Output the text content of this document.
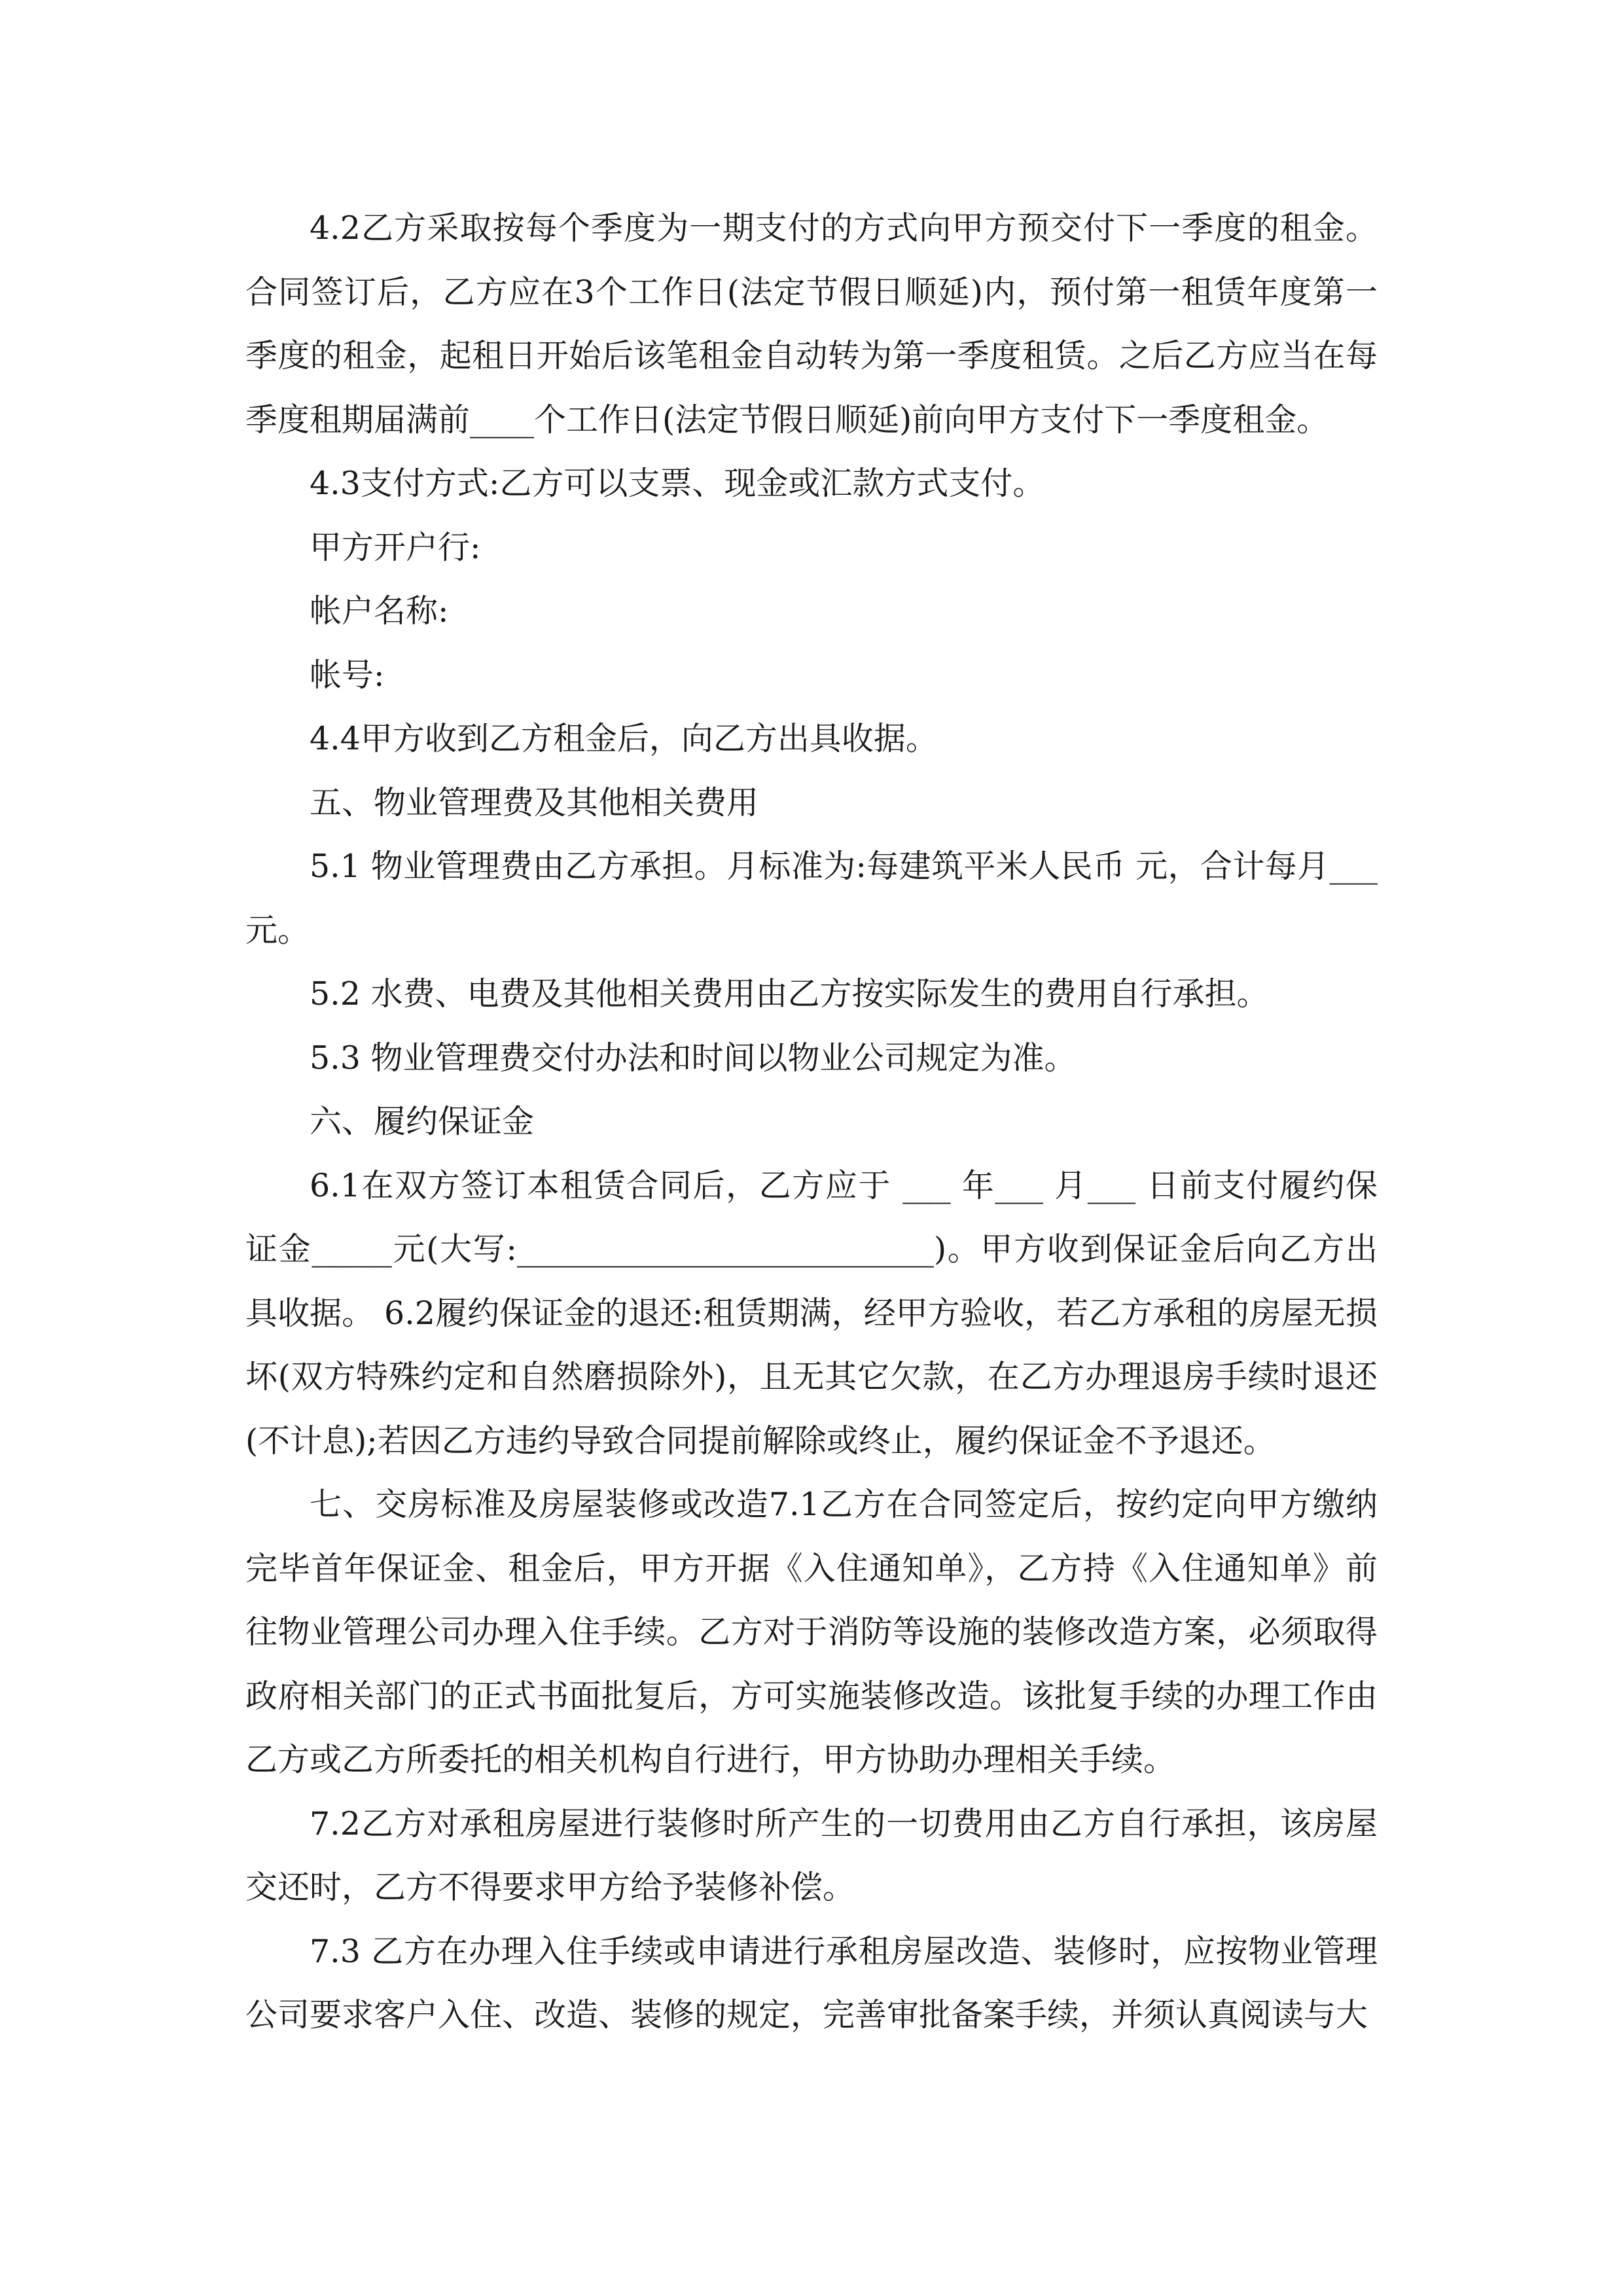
4.2乙方采取按每个季度为一期支付的方式向甲方预交付下一季度的租金。合同签订后，乙方应在3个工作日(法定节假日顺延)内，预付第一租赁年度第一季度的租金，起租日开始后该笔租金自动转为第一季度租赁。之后乙方应当在每季度租期届满前____个工作日(法定节假日顺延)前向甲方支付下一季度租金。

4.3支付方式:乙方可以支票、现金或汇款方式支付。

甲方开户行:

帐户名称:

帐号:

4.4甲方收到乙方租金后，向乙方出具收据。

五、物业管理费及其他相关费用

5.1 物业管理费由乙方承担。月标准为:每建筑平米人民币 元，合计每月___元。

5.2 水费、电费及其他相关费用由乙方按实际发生的费用自行承担。

5.3 物业管理费交付办法和时间以物业公司规定为准。

六、履约保证金

6.1在双方签订本租赁合同后，乙方应于 ___ 年___ 月___ 日前支付履约保证金_____元(大写:__________________________)。甲方收到保证金后向乙方出具收据。 6.2履约保证金的退还:租赁期满，经甲方验收，若乙方承租的房屋无损坏(双方特殊约定和自然磨损除外)，且无其它欠款，在乙方办理退房手续时退还(不计息);若因乙方违约导致合同提前解除或终止，履约保证金不予退还。

七、交房标准及房屋装修或改造7.1乙方在合同签定后，按约定向甲方缴纳完毕首年保证金、租金后，甲方开据《入住通知单》，乙方持《入住通知单》前往物业管理公司办理入住手续。乙方对于消防等设施的装修改造方案，必须取得政府相关部门的正式书面批复后，方可实施装修改造。该批复手续的办理工作由乙方或乙方所委托的相关机构自行进行，甲方协助办理相关手续。

7.2乙方对承租房屋进行装修时所产生的一切费用由乙方自行承担，该房屋交还时，乙方不得要求甲方给予装修补偿。

7.3 乙方在办理入住手续或申请进行承租房屋改造、装修时，应按物业管理公司要求客户入住、改造、装修的规定，完善审批备案手续，并须认真阅读与大
